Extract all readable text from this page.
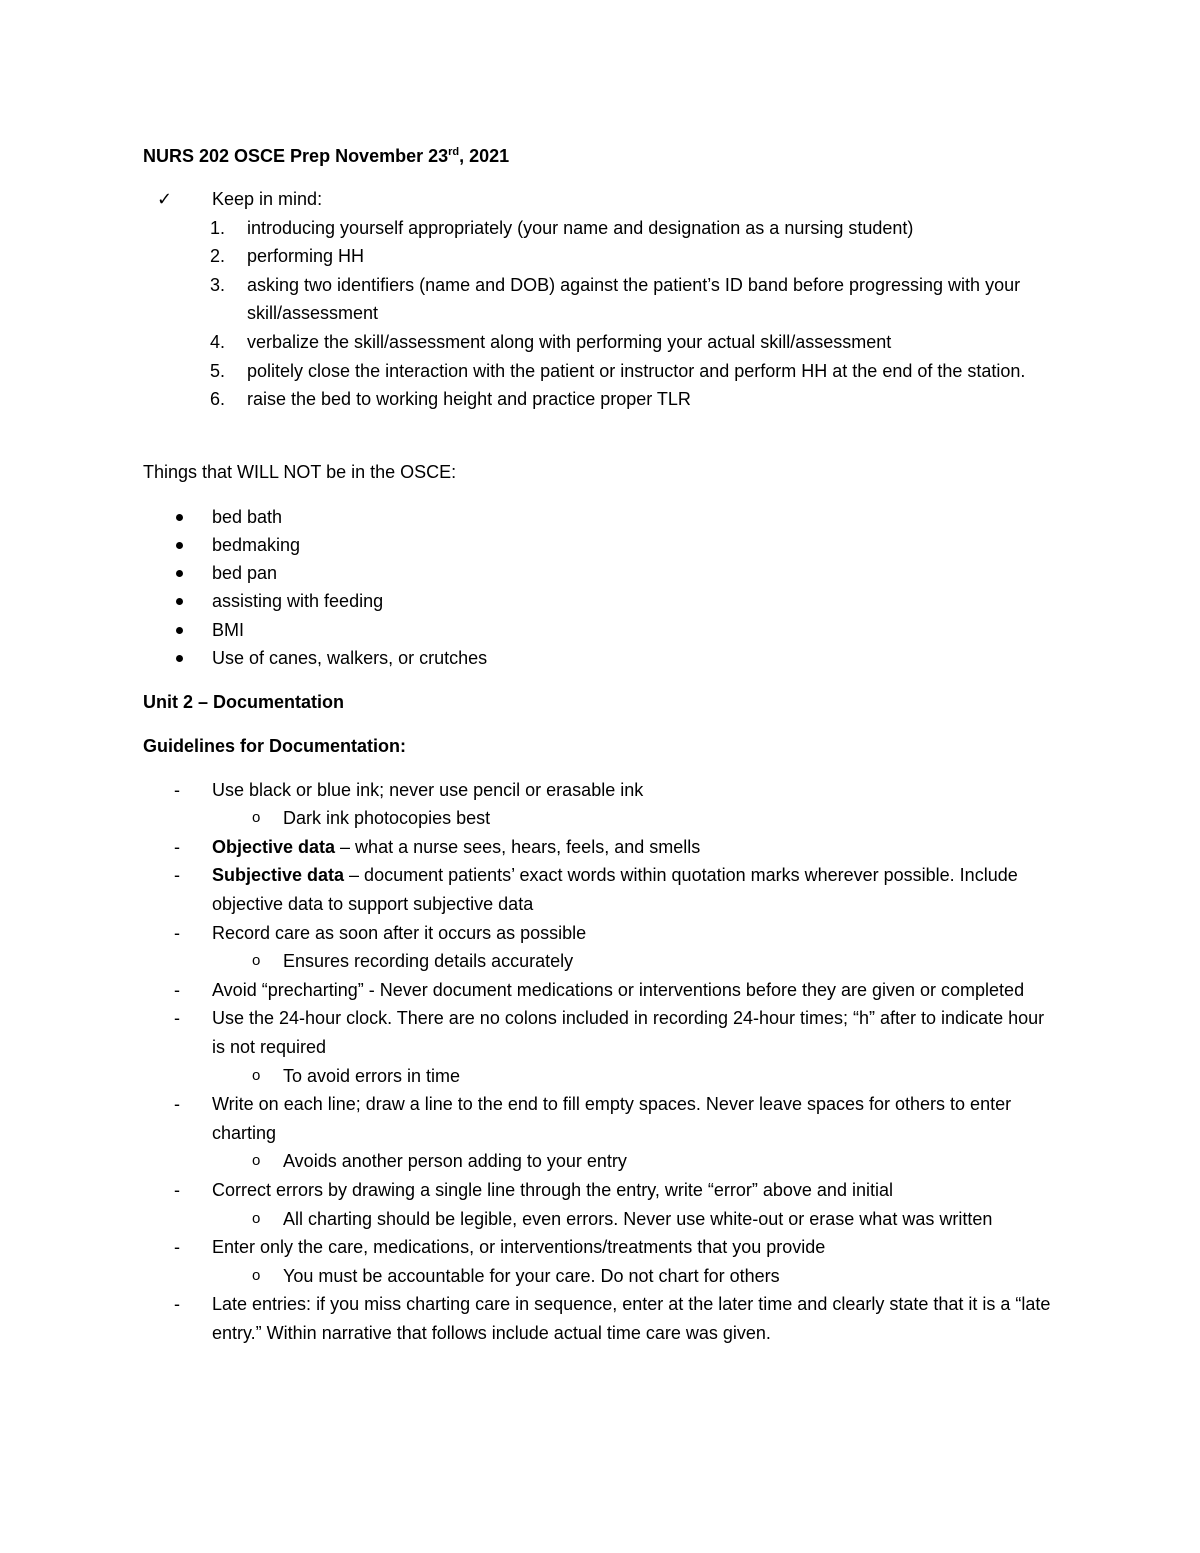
NURS 202 OSCE Prep November 23rd, 2021
✓ Keep in mind:
1. introducing yourself appropriately (your name and designation as a nursing student)
2. performing HH
3. asking two identifiers (name and DOB) against the patient’s ID band before progressing with your skill/assessment
4. verbalize the skill/assessment along with performing your actual skill/assessment
5. politely close the interaction with the patient or instructor and perform HH at the end of the station.
6. raise the bed to working height and practice proper TLR
Things that WILL NOT be in the OSCE:
bed bath
bedmaking
bed pan
assisting with feeding
BMI
Use of canes, walkers, or crutches
Unit 2 – Documentation
Guidelines for Documentation:
- Use black or blue ink; never use pencil or erasable ink
o Dark ink photocopies best
- Objective data – what a nurse sees, hears, feels, and smells
- Subjective data – document patients’ exact words within quotation marks wherever possible. Include objective data to support subjective data
- Record care as soon after it occurs as possible
o Ensures recording details accurately
- Avoid “precharting” - Never document medications or interventions before they are given or completed
- Use the 24-hour clock. There are no colons included in recording 24-hour times; “h” after to indicate hour is not required
o To avoid errors in time
- Write on each line; draw a line to the end to fill empty spaces. Never leave spaces for others to enter charting
o Avoids another person adding to your entry
- Correct errors by drawing a single line through the entry, write “error” above and initial
o All charting should be legible, even errors. Never use white-out or erase what was written
- Enter only the care, medications, or interventions/treatments that you provide
o You must be accountable for your care. Do not chart for others
- Late entries: if you miss charting care in sequence, enter at the later time and clearly state that it is a “late entry.” Within narrative that follows include actual time care was given.
